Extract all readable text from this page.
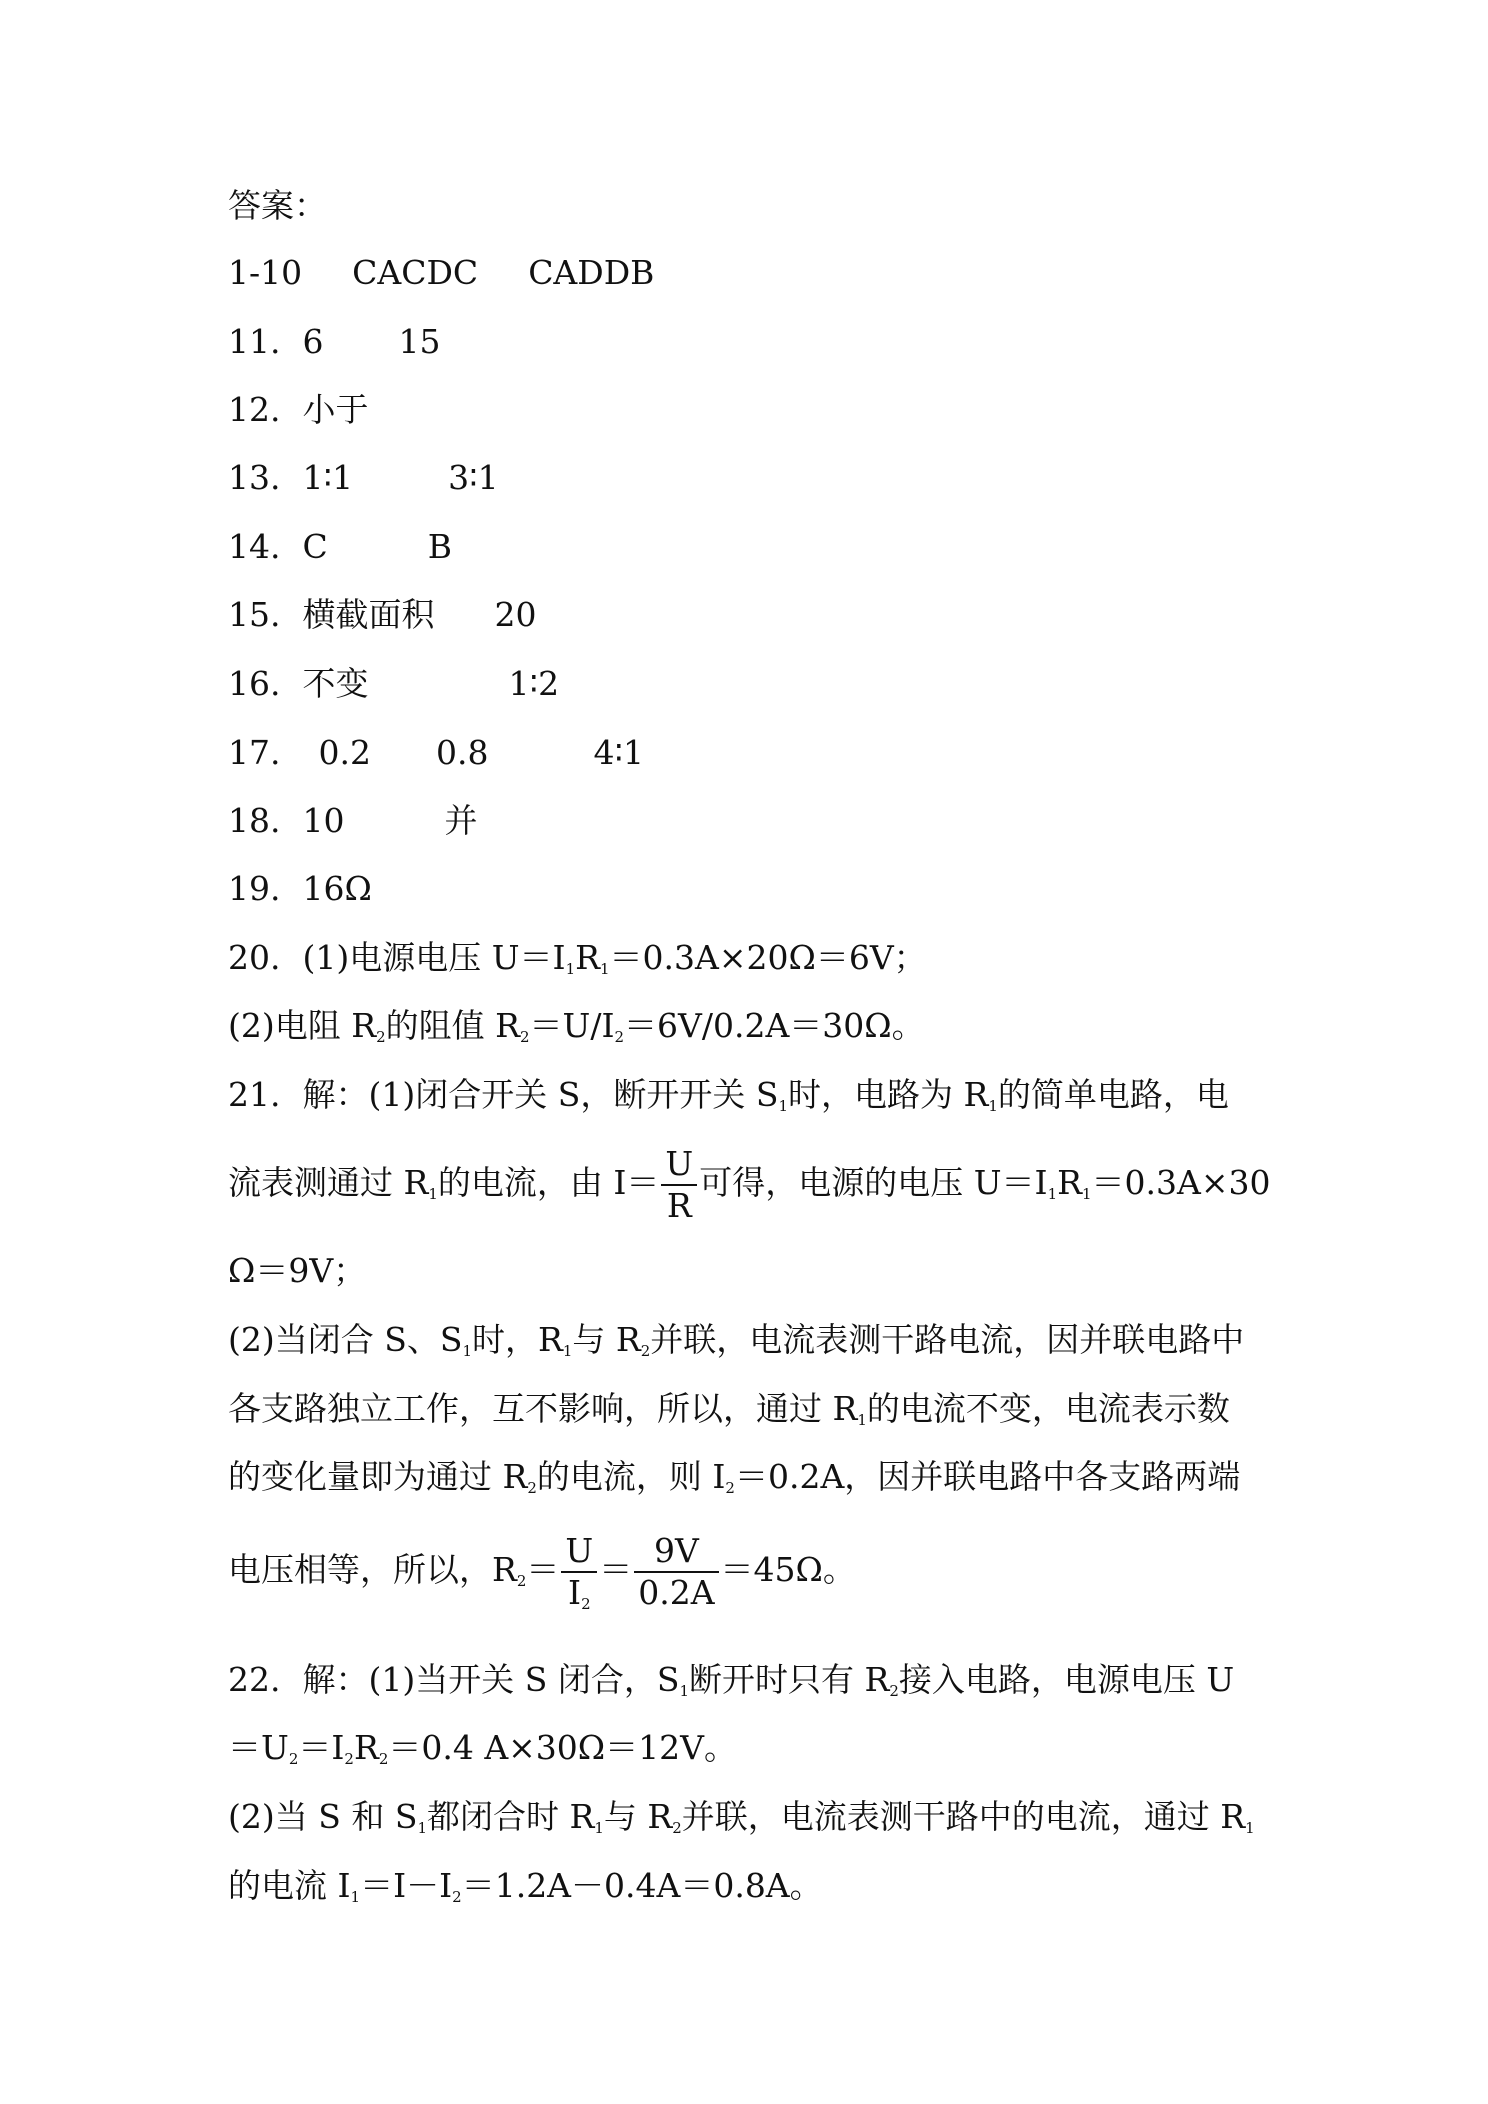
答案：
1-10 CACDC CADDB
11. 6 15
12. 小于
13. 1∶1	3∶1
14. C	B
15. 横截面积 20
16. 不变	1∶2
17. 0.2 0.8	4∶1
18. 10	并
19. 16Ω
20. (1)电源电压 $U=I_1R_1=0.3A\times 20\Omega=6V$；
(2)电阻 $R_2$的阻值 $R_2=U/I_2=6V/0.2A=30\Omega$。
21. 解：(1)闭合开关 S，断开开关 $S_1$时，电路为 $R_1$的简单电路，电
流表测通过 $R_1$的电流，由 $I= \frac{U}{R}$ 可得，电源的电压 $U=I_1R_1=0.3A\times 30$
Ω＝9V；
(2)当闭合 S、$S_1$时，$R_1$与 $R_2$并联，电流表测干路电流，因并联电路中
各支路独立工作，互不影响，所以，通过 $R_1$的电流不变，电流表示数
的变化量即为通过 $R_2$的电流，则 $I_2=0.2A$，因并联电路中各支路两端
电压相等，所以，$R_2= \frac{U}{I_2} = \frac{9V}{0.2A} =45\Omega$。
22. 解：(1)当开关 S 闭合，$S_1$断开时只有 $R_2$接入电路，电源电压 U
$=U_2=I_2R_2=0.4$ A×30Ω＝12V。
(2)当 S 和 $S_1$都闭合时 $R_1$与 $R_2$并联，电流表测干路中的电流，通过 $R_1$
的电流 $I_1=I-I_2=1.2A-0.4A=0.8A$。
